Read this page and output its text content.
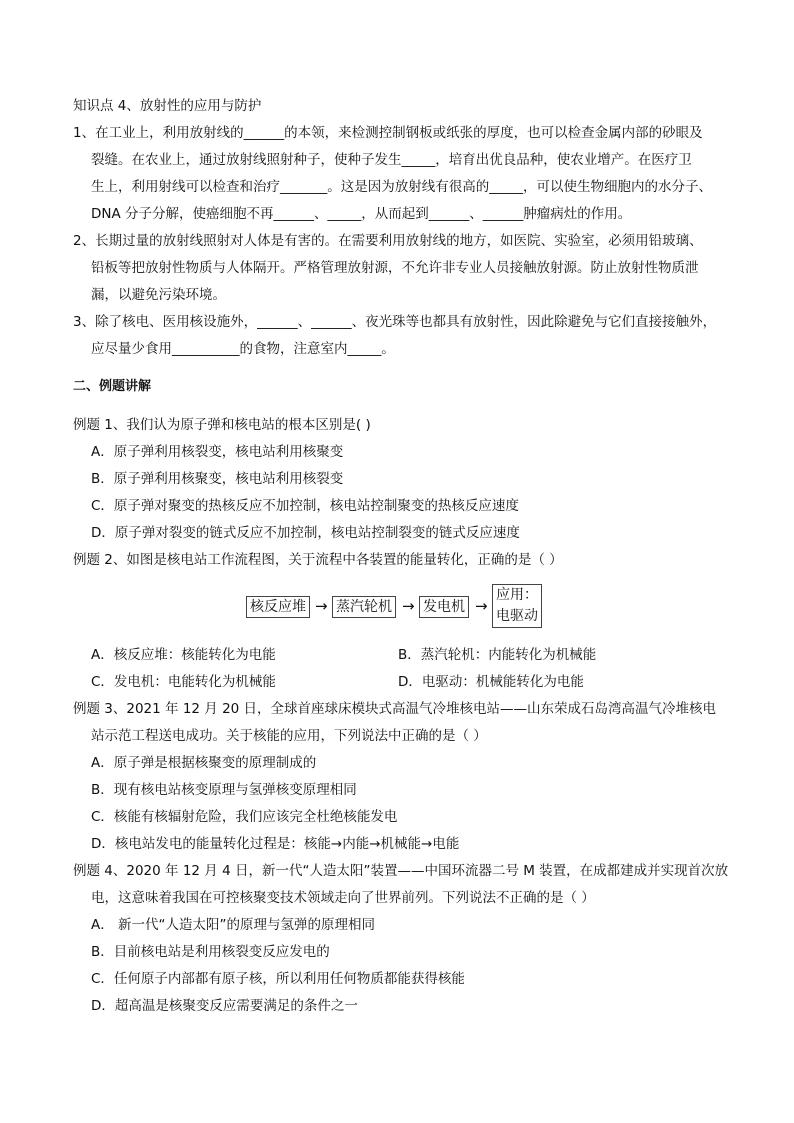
知识点 4、放射性的应用与防护
1、在工业上，利用放射线的______的本领，来检测控制钢板或纸张的厚度，也可以检查金属内部的砂眼及
裂缝。在农业上，通过放射线照射种子，使种子发生_____，培育出优良品种，使农业增产。在医疗卫
生上，利用射线可以检查和治疗_______。这是因为放射线有很高的_____，可以使生物细胞内的水分子、
DNA 分子分解，使癌细胞不再______、_____，从而起到______、______肿瘤病灶的作用。
2、长期过量的放射线照射对人体是有害的。在需要利用放射线的地方，如医院、实验室，必须用铅玻璃、
铅板等把放射性物质与人体隔开。严格管理放射源，不允许非专业人员接触放射源。防止放射性物质泄
漏，以避免污染环境。
3、除了核电、医用核设施外，______、______、夜光珠等也都具有放射性，因此除避免与它们直接接触外，
应尽量少食用__________的食物，注意室内_____。
二、例题讲解
例题 1、我们认为原子弹和核电站的根本区别是( )
A．原子弹利用核裂变，核电站利用核聚变
B．原子弹利用核聚变，核电站利用核裂变
C．原子弹对聚变的热核反应不加控制，核电站控制聚变的热核反应速度
D．原子弹对裂变的链式反应不加控制，核电站控制裂变的链式反应速度
例题 2、如图是核电站工作流程图，关于流程中各装置的能量转化，正确的是（ ）
核反应堆 → 蒸汽轮机 → 发电机 →
应用：
电驱动
A．核反应堆：核能转化为电能	B．蒸汽轮机：内能转化为机械能
C．发电机：电能转化为机械能	D．电驱动：机械能转化为电能
例题 3、2021 年 12 月 20 日，全球首座球床模块式高温气冷堆核电站——山东荣成石岛湾高温气冷堆核电
站示范工程送电成功。关于核能的应用，下列说法中正确的是（ ）
A．原子弹是根据核聚变的原理制成的
B．现有核电站核变原理与氢弹核变原理相同
C．核能有核辐射危险，我们应该完全杜绝核能发电
D．核电站发电的能量转化过程是：核能→内能→机械能→电能
例题 4、2020 年 12 月 4 日，新一代“人造太阳”装置——中国环流器二号 M 装置，在成都建成并实现首次放
电，这意味着我国在可控核聚变技术领域走向了世界前列。下列说法不正确的是（ ）
A． 新一代“人造太阳”的原理与氢弹的原理相同
B．目前核电站是利用核裂变反应发电的
C．任何原子内部都有原子核，所以利用任何物质都能获得核能
D．超高温是核聚变反应需要满足的条件之一
